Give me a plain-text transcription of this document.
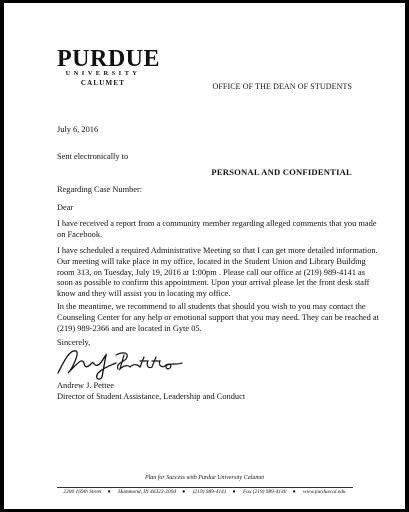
PURDUE
UNIVERSITY
CALUMET	OFFICE OF THE DEAN OF STUDENTS
July 6, 2016
Sent electronically to
PERSONAL AND CONFIDENTIAL
Regarding Case Number:
Dear
I have received a report from a community member regarding alleged comments that you made
on Facebook.
I have scheduled a required Administrative Meeting so that I can get more detailed information.
Our meeting will take place in my office, located in the Student Union and Library Building
room 313, on Tuesday, July 19, 2016 at 1:00pm . Please call our office at (219) 989-4141 as
soon as possible to confirm this appointment. Upon your arrival please let the front desk staff
know and they will assist you in locating my office.
In the meantime, we recommend to all students that should you wish to you may contact the
Counseling Center for any help or emotional support that you may need. They can be reached at
(219) 989-2366 and are located in Gyte 05.
Sincerely,
Andrew J. Pettee
Director of Student Assistance, Leadership and Conduct
Plan for Success with Purdue University Calumet
2200 169th Street ● Hammond, IN 46323-2094 ● (219) 989-4141 ● Fax (219) 989-4140 ● www.purduecal.edu
